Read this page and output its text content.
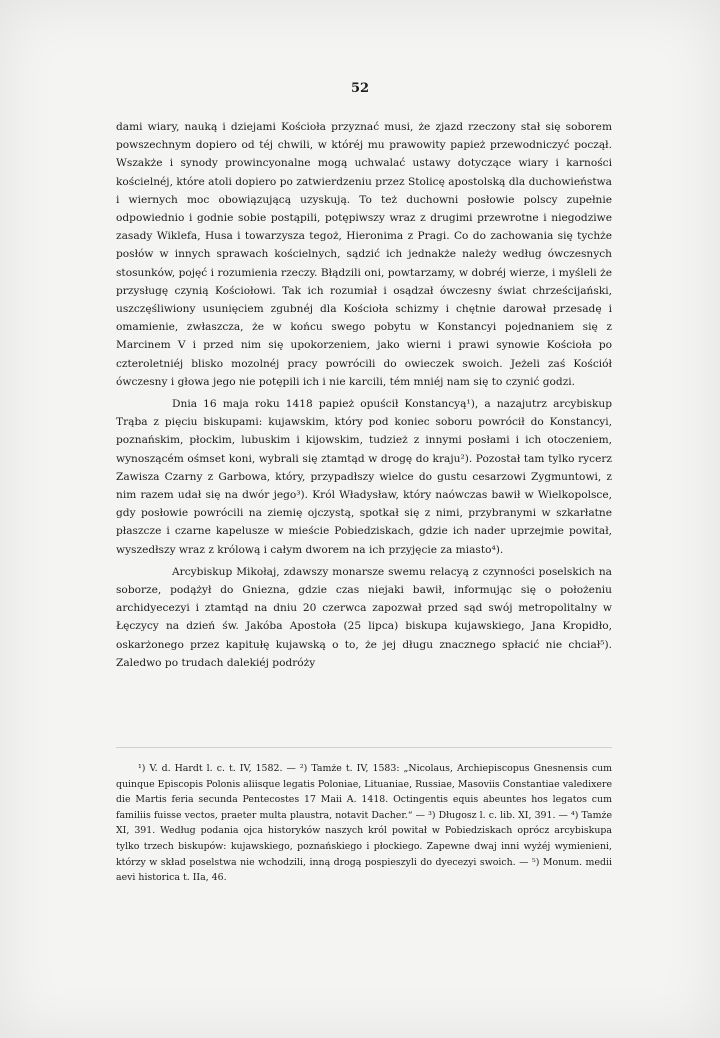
52

dami wiary, nauką i dziejami Kościoła przyznać musi, że zjazd rzeczony stał się soborem powszechnym dopiero od téj chwili, w któréj mu prawowity papież przewodniczyć począł. Wszakże i synody prowincyonalne mogą uchwalać ustawy dotyczące wiary i karności kościelnéj, które atoli dopiero po zatwierdzeniu przez Stolicę apostolską dla duchowieństwa i wiernych moc obowiązującą uzyskują. To też duchowni posłowie polscy zupełnie odpowiednio i godnie sobie postąpili, potępiwszy wraz z drugimi przewrotne i niegodziwe zasady Wiklefa, Husa i towarzysza tegoż, Hieronima z Pragi. Co do zachowania się tychże posłów w innych sprawach kościelnych, sądzić ich jednakże należy według ówczesnych stosunków, pojęć i rozumienia rzeczy. Błądzili oni, powtarzamy, w dobréj wierze, i myśleli że przysługę czynią Kościołowi. Tak ich rozumiał i osądzał ówczesny świat chrześcijański, uszczęśliwiony usunięciem zgubnéj dla Kościoła schizmy i chętnie darował przesadę i omamienie, zwłaszcza, że w końcu swego pobytu w Konstancyi pojednaniem się z Marcinem V i przed nim się upokorzeniem, jako wierni i prawi synowie Kościoła po czteroletniéj blisko mozolnéj pracy powrócili do owieczek swoich. Jeżeli zaś Kościół ówczesny i głowa jego nie potępili ich i nie karcili, tém mniéj nam się to czynić godzi.

Dnia 16 maja roku 1418 papież opuścił Konstancyą¹), a nazajutrz arcybiskup Trąba z pięciu biskupami: kujawskim, który pod koniec soboru powrócił do Konstancyi, poznańskim, płockim, lubuskim i kijowskim, tudzież z innymi posłami i ich otoczeniem, wynoszącém ośmset koni, wybrali się ztamtąd w drogę do kraju²). Pozostał tam tylko rycerz Zawisza Czarny z Garbowa, który, przypadłszy wielce do gustu cesarzowi Zygmuntowi, z nim razem udał się na dwór jego³). Król Władysław, który naówczas bawił w Wielkopolsce, gdy posłowie powrócili na ziemię ojczystą, spotkał się z nimi, przybranymi w szkarłatne płaszcze i czarne kapelusze w mieście Pobiedziskach, gdzie ich nader uprzejmie powitał, wyszedłszy wraz z królową i całym dworem na ich przyjęcie za miasto⁴).

Arcybiskup Mikołaj, zdawszy monarsze swemu relacyą z czynności poselskich na soborze, podążył do Gniezna, gdzie czas niejaki bawił, informując się o położeniu archidyecezyi i ztamtąd na dniu 20 czerwca zapozwał przed sąd swój metropolitalny w Łęczycy na dzień św. Jakóba Apostoła (25 lipca) biskupa kujawskiego, Jana Kropidło, oskarżonego przez kapitułę kujawską o to, że jej długu znacznego spłacić nie chciał⁵). Zaledwo po trudach dalekiéj podróży

¹) V. d. Hardt l. c. t. IV, 1582. — ²) Tamże t. IV, 1583: „Nicolaus, Archiepiscopus Gnesnensis cum quinque Episcopis Polonis aliisque legatis Poloniae, Lituaniae, Russiae, Masoviis Constantiae valedixere die Martis feria secunda Pentecostes 17 Maii A. 1418. Octingentis equis abeuntes hos legatos cum familiis fuisse vectos, praeter multa plaustra, notavit Dacher.“ — ³) Długosz l. c. lib. XI, 391. — ⁴) Tamże XI, 391. Według podania ojca historyków naszych król powitał w Pobiedziskach oprócz arcybiskupa tylko trzech biskupów: kujawskiego, poznańskiego i płockiego. Zapewne dwaj inni wyżéj wymienieni, którzy w skład poselstwa nie wchodzili, inną drogą pospieszyli do dyecezyi swoich. — ⁵) Monum. medii aevi historica t. IIa, 46.
